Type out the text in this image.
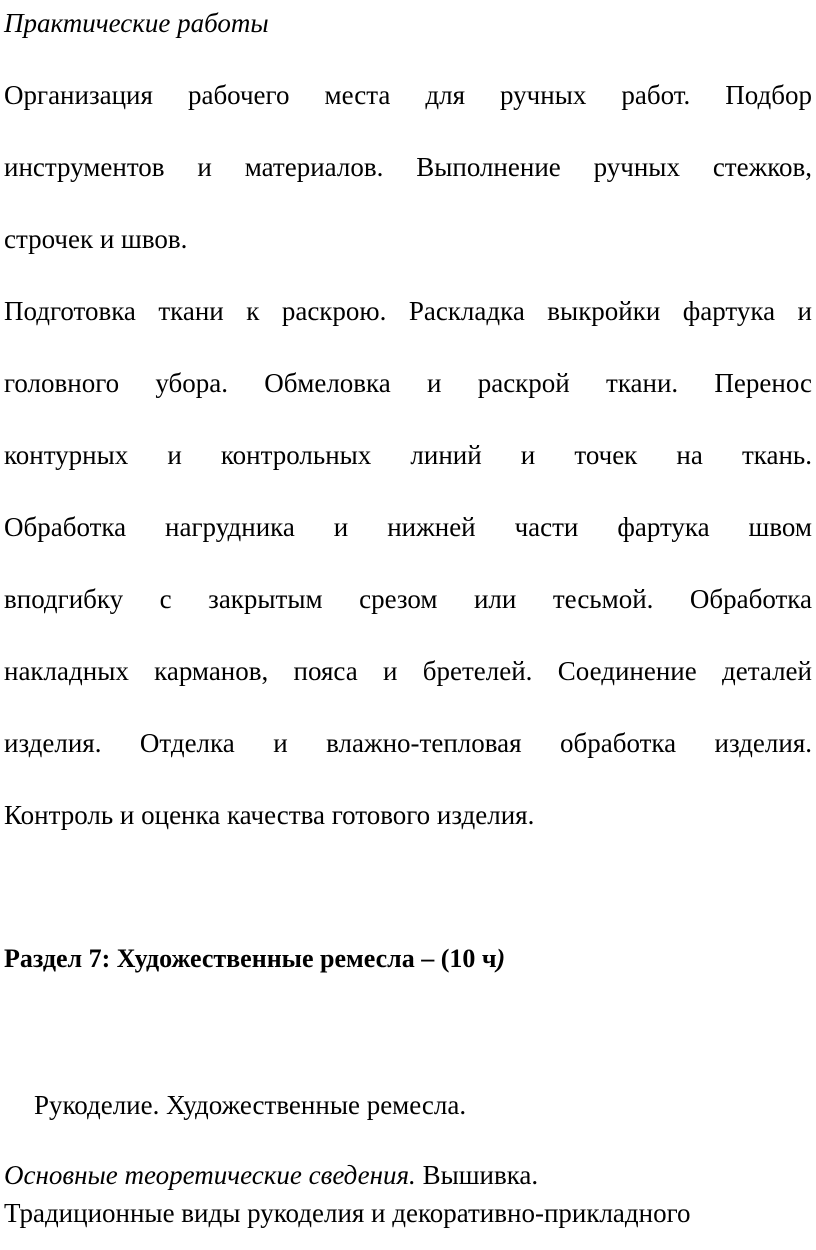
Практические работы
Организация рабочего места для ручных работ. Подбор
инструментов и материалов. Выполнение ручных стежков,
строчек и швов.
Подготовка ткани к раскрою. Раскладка выкройки фартука и
головного убора. Обмеловка и раскрой ткани. Перенос
контурных и контрольных линий и точек на ткань.
Обработка нагрудника и нижней части фартука швом
вподгибку с закрытым срезом или тесьмой. Обработка
накладных карманов, пояса и бретелей. Соединение деталей
изделия. Отделка и влажно-тепловая обработка изделия.
Контроль и оценка качества готового изделия.
Раздел 7: Художественные ремесла – (10 ч)
Рукоделие. Художественные ремесла.
Основные теоретические сведения. Вышивка.
Традиционные виды рукоделия и декоративно-прикладного
